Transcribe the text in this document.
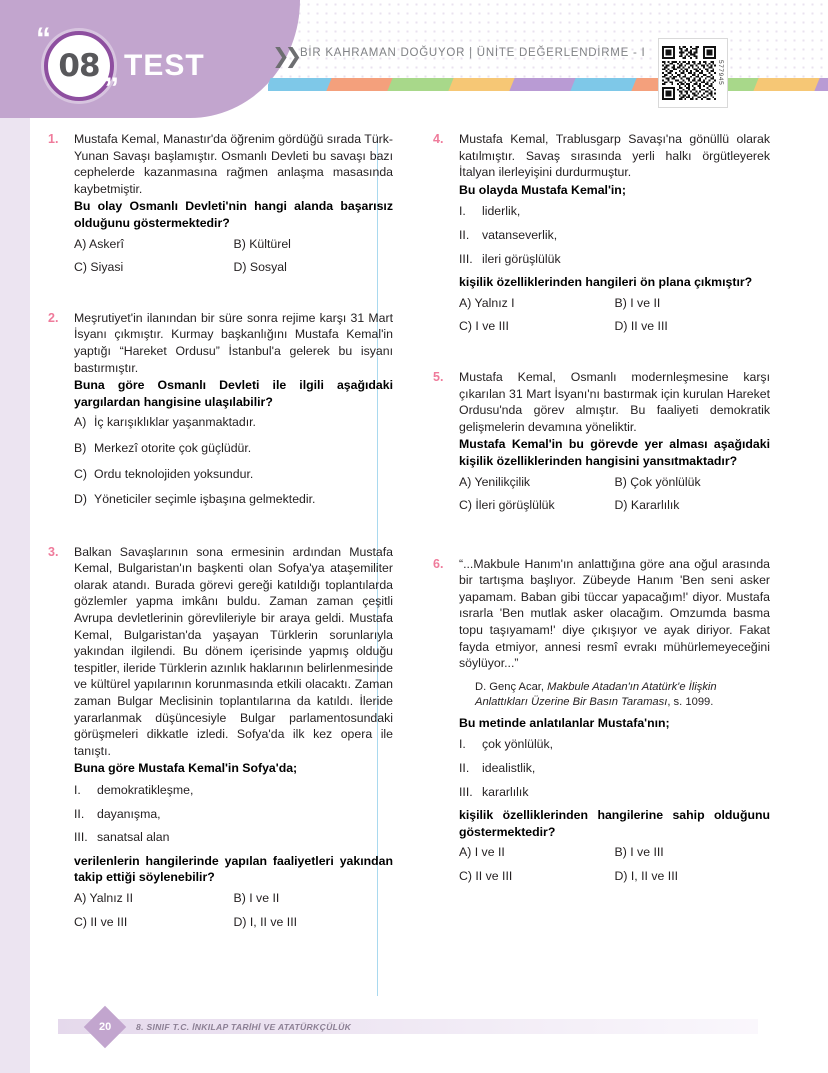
08 TEST
“
”
❯❯ BİR KAHRAMAN DOĞUYOR | ÜNİTE DEĞERLENDİRME - I
577945
1.	Mustafa Kemal, Manastır'da öğrenim gördüğü sırada Türk-Yunan Savaşı başlamıştır. Osmanlı Devleti bu savaşı bazı cephelerde kazanmasına rağmen anlaşma masasında kaybetmiştir.
Bu olay Osmanlı Devleti'nin hangi alanda başarısız olduğunu göstermektedir?
A) Askerî	B) Kültürel
C) Siyasi	D) Sosyal
2.	Meşrutiyet'in ilanından bir süre sonra rejime karşı 31 Mart İsyanı çıkmıştır. Kurmay başkanlığını Mustafa Kemal'in yaptığı “Hareket Ordusu” İstanbul'a gelerek bu isyanı bastırmıştır.
Buna göre Osmanlı Devleti ile ilgili aşağıdaki yargılardan hangisine ulaşılabilir?
A) İç karışıklıklar yaşanmaktadır.
B) Merkezî otorite çok güçlüdür.
C) Ordu teknolojiden yoksundur.
D) Yöneticiler seçimle işbaşına gelmektedir.
3.	Balkan Savaşlarının sona ermesinin ardından Mustafa Kemal, Bulgaristan'ın başkenti olan Sofya'ya ataşemiliter olarak atandı. Burada görevi gereği katıldığı toplantılarda gözlemler yapma imkânı buldu. Zaman zaman çeşitli Avrupa devletlerinin görevlileriyle bir araya geldi. Mustafa Kemal, Bulgaristan'da yaşayan Türklerin sorunlarıyla yakından ilgilendi. Bu dönem içerisinde yapmış olduğu tespitler, ileride Türklerin azınlık haklarının belirlenmesinde ve kültürel yapılarının korunmasında etkili olacaktı. Zaman zaman Bulgar Meclisinin toplantılarına da katıldı. İleride yararlanmak düşüncesiyle Bulgar parlamentosundaki görüşmeleri dikkatle izledi. Sofya'da ilk kez opera ile tanıştı.
Buna göre Mustafa Kemal'in Sofya'da;
I.	demokratikleşme,
II.	dayanışma,
III. sanatsal alan
verilenlerin hangilerinde yapılan faaliyetleri yakından takip ettiği söylenebilir?
A) Yalnız II	B) I ve II
C) II ve III	D) I, II ve III
4.	Mustafa Kemal, Trablusgarp Savaşı'na gönüllü olarak katılmıştır. Savaş sırasında yerli halkı örgütleyerek İtalyan ilerleyişini durdurmuştur.
Bu olayda Mustafa Kemal'in;
I.	liderlik,
II.	vatanseverlik,
III. ileri görüşlülük
kişilik özelliklerinden hangileri ön plana çıkmıştır?
A) Yalnız I	B) I ve II
C) I ve III	D) II ve III
5.	Mustafa Kemal, Osmanlı modernleşmesine karşı çıkarılan 31 Mart İsyanı'nı bastırmak için kurulan Hareket Ordusu'nda görev almıştır. Bu faaliyeti demokratik gelişmelerin devamına yöneliktir.
Mustafa Kemal'in bu görevde yer alması aşağıdaki kişilik özelliklerinden hangisini yansıtmaktadır?
A) Yenilikçilik	B) Çok yönlülük
C) İleri görüşlülük	D) Kararlılık
6.	“...Makbule Hanım'ın anlattığına göre ana oğul arasında bir tartışma başlıyor. Zübeyde Hanım 'Ben seni asker yapamam. Baban gibi tüccar yapacağım!' diyor. Mustafa ısrarla 'Ben mutlak asker olacağım. Omzumda basma topu taşıyamam!' diye çıkışıyor ve ayak diriyor. Fakat fayda etmiyor, annesi resmî evrakı mühürlemeyeceğini söylüyor...”
D. Genç Acar, Makbule Atadan'ın Atatürk'e İlişkin Anlattıkları Üzerine Bir Basın Taraması, s. 1099.
Bu metinde anlatılanlar Mustafa'nın;
I.	çok yönlülük,
II.	idealistlik,
III. kararlılık
kişilik özelliklerinden hangilerine sahip olduğunu göstermektedir?
A) I ve II	B) I ve III
C) II ve III	D) I, II ve III
20	8. SINIF T.C. İNKILAP TARİHİ VE ATATÜRKÇÜLÜK
